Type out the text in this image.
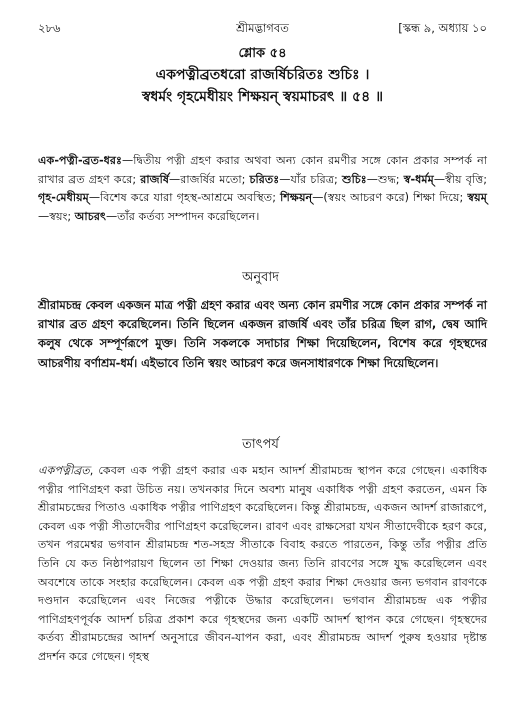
২৮৬	শ্রীমদ্ভাগবত	[স্কন্ধ ৯, অধ্যায় ১০
শ্লোক ৫৪
একপত্নীব্রতধরো রাজর্ষিচরিতঃ শুচিঃ ।
স্বধর্মং গৃহমেধীয়ং শিক্ষয়ন্ স্বয়মাচরৎ ॥ ৫৪ ॥
এক-পত্নী-ব্রত-ধরঃ—দ্বিতীয় পত্নী গ্রহণ করার অথবা অন্য কোন রমণীর সঙ্গে কোন প্রকার সম্পর্ক না রাখার ব্রত গ্রহণ করে; রাজর্ষি—রাজর্ষির মতো; চরিতঃ—যাঁর চরিত্র; শুচিঃ—শুদ্ধ; স্ব-ধর্মম্—স্বীয় বৃত্তি; গৃহ-মেধীয়ম্—বিশেষ করে যারা গৃহস্থ-আশ্রমে অবস্থিত; শিক্ষয়ন্—(স্বয়ং আচরণ করে) শিক্ষা দিয়ে; স্বয়ম্—স্বয়ং; আচরৎ—তাঁর কর্তব্য সম্পাদন করেছিলেন।
অনুবাদ
শ্রীরামচন্দ্র কেবল একজন মাত্র পত্নী গ্রহণ করার এবং অন্য কোন রমণীর সঙ্গে কোন প্রকার সম্পর্ক না রাখার ব্রত গ্রহণ করেছিলেন। তিনি ছিলেন একজন রাজর্ষি এবং তাঁর চরিত্র ছিল রাগ, দ্বেষ আদি কলুষ থেকে সম্পূর্ণরূপে মুক্ত। তিনি সকলকে সদাচার শিক্ষা দিয়েছিলেন, বিশেষ করে গৃহস্থদের আচরণীয় বর্ণাশ্রম-ধর্ম। এইভাবে তিনি স্বয়ং আচরণ করে জনসাধারণকে শিক্ষা দিয়েছিলেন।
তাৎপর্য
একপত্নীব্রত, কেবল এক পত্নী গ্রহণ করার এক মহান আদর্শ শ্রীরামচন্দ্র স্থাপন করে গেছেন। একাধিক পত্নীর পাণিগ্রহণ করা উচিত নয়। তখনকার দিনে অবশ্য মানুষ একাধিক পত্নী গ্রহণ করতেন, এমন কি শ্রীরামচন্দ্রের পিতাও একাধিক পত্নীর পাণিগ্রহণ করেছিলেন। কিন্তু শ্রীরামচন্দ্র, একজন আদর্শ রাজারূপে, কেবল এক পত্নী সীতাদেবীর পাণিগ্রহণ করেছিলেন। রাবণ এবং রাক্ষসেরা যখন সীতাদেবীকে হরণ করে, তখন পরমেশ্বর ভগবান শ্রীরামচন্দ্র শত-সহস্র সীতাকে বিবাহ করতে পারতেন, কিন্তু তাঁর পত্নীর প্রতি তিনি যে কত নিষ্ঠাপরায়ণ ছিলেন তা শিক্ষা দেওয়ার জন্য তিনি রাবণের সঙ্গে যুদ্ধ করেছিলেন এবং অবশেষে তাকে সংহার করেছিলেন। কেবল এক পত্নী গ্রহণ করার শিক্ষা দেওয়ার জন্য ভগবান রাবণকে দণ্ডদান করেছিলেন এবং নিজের পত্নীকে উদ্ধার করেছিলেন। ভগবান শ্রীরামচন্দ্র এক পত্নীর পাণিগ্রহণপূর্বক আদর্শ চরিত্র প্রকাশ করে গৃহস্থদের জন্য একটি আদর্শ স্থাপন করে গেছেন। গৃহস্থদের কর্তব্য শ্রীরামচন্দ্রের আদর্শ অনুসারে জীবন-যাপন করা, এবং শ্রীরামচন্দ্র আদর্শ পুরুষ হওয়ার দৃষ্টান্ত প্রদর্শন করে গেছেন। গৃহস্থ
